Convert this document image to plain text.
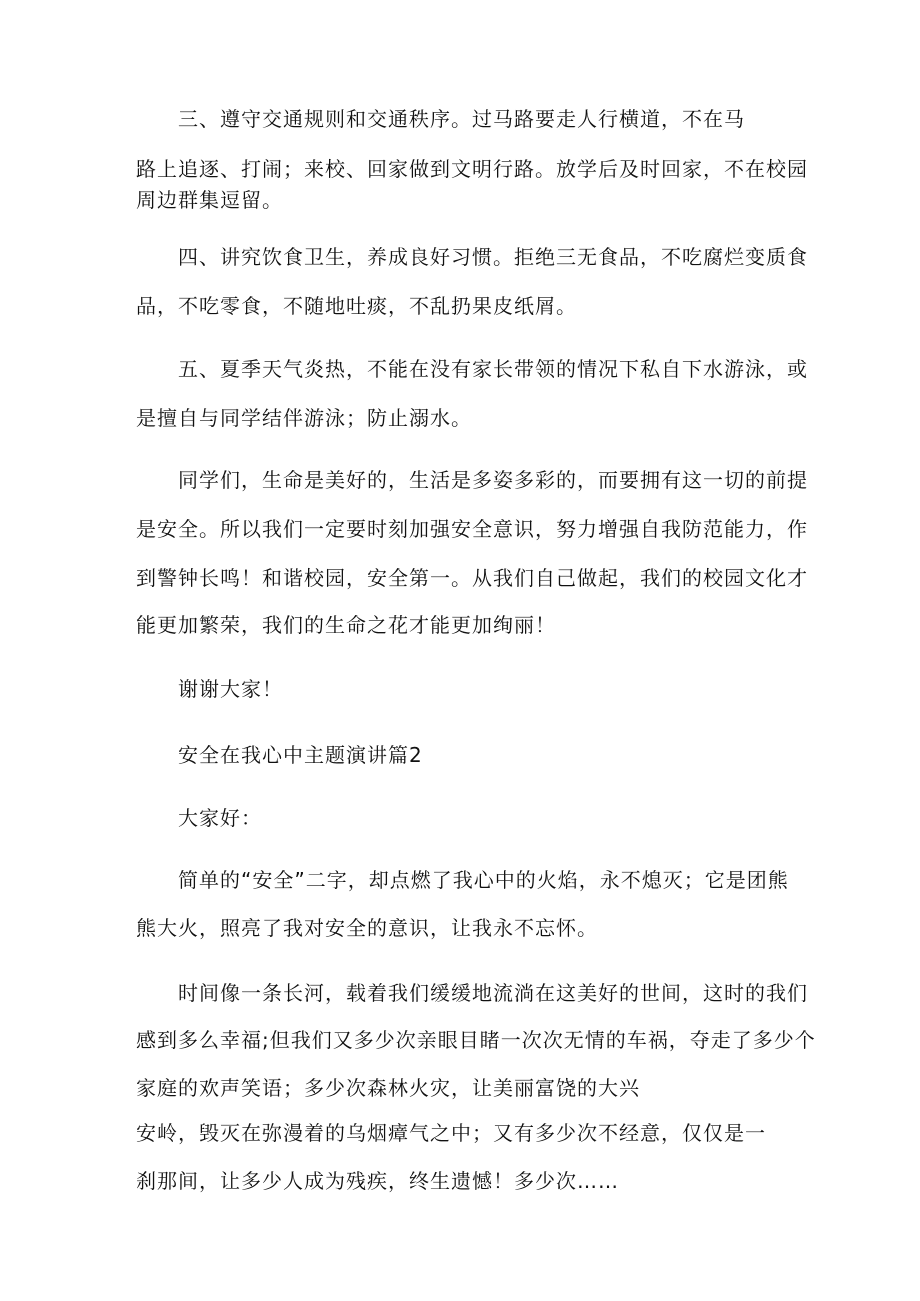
三、遵守交通规则和交通秩序。过马路要走人行横道，不在马

路上追逐、打闹；来校、回家做到文明行路。放学后及时回家，不在校园

周边群集逗留。

四、讲究饮食卫生，养成良好习惯。拒绝三无食品，不吃腐烂变质食

品，不吃零食，不随地吐痰，不乱扔果皮纸屑。

五、夏季天气炎热，不能在没有家长带领的情况下私自下水游泳，或

是擅自与同学结伴游泳；防止溺水。

同学们，生命是美好的，生活是多姿多彩的，而要拥有这一切的前提

是安全。所以我们一定要时刻加强安全意识，努力增强自我防范能力，作

到警钟长鸣！和谐校园，安全第一。从我们自己做起，我们的校园文化才

能更加繁荣，我们的生命之花才能更加绚丽！

谢谢大家！

安全在我心中主题演讲篇2

大家好：

简单的“安全”二字，却点燃了我心中的火焰，永不熄灭；它是团熊

熊大火，照亮了我对安全的意识，让我永不忘怀。

时间像一条长河，载着我们缓缓地流淌在这美好的世间，这时的我们

感到多么幸福;但我们又多少次亲眼目睹一次次无情的车祸，夺走了多少个

家庭的欢声笑语；多少次森林火灾，让美丽富饶的大兴

安岭，毁灭在弥漫着的乌烟瘴气之中；又有多少次不经意，仅仅是一

刹那间，让多少人成为残疾，终生遗憾！多少次……
